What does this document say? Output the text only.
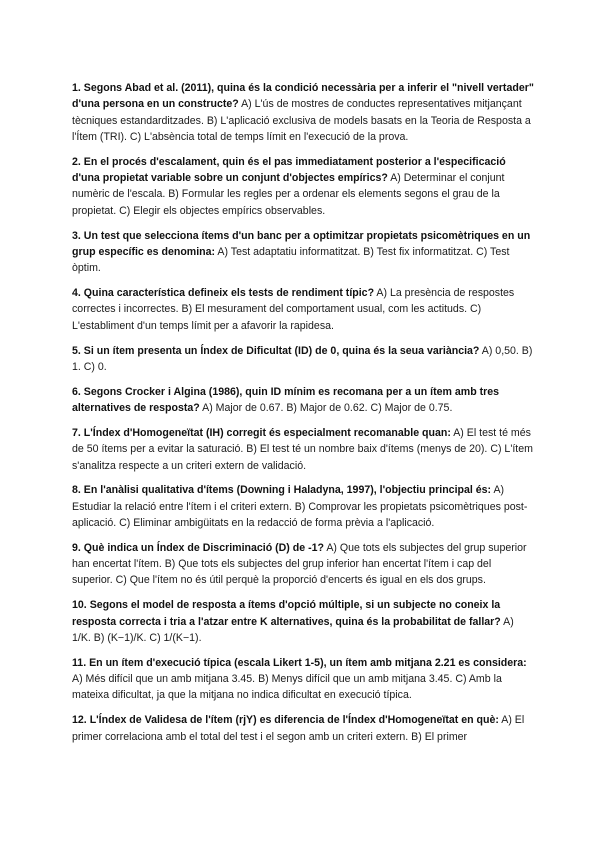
1. Segons Abad et al. (2011), quina és la condició necessària per a inferir el "nivell vertader" d'una persona en un constructe? A) L'ús de mostres de conductes representatives mitjançant tècniques estandarditzades. B) L'aplicació exclusiva de models basats en la Teoria de Resposta a l'Ítem (TRI). C) L'absència total de temps límit en l'execució de la prova.

2. En el procés d'escalament, quin és el pas immediatament posterior a l'especificació d'una propietat variable sobre un conjunt d'objectes empírics? A) Determinar el conjunt numèric de l'escala. B) Formular les regles per a ordenar els elements segons el grau de la propietat. C) Elegir els objectes empírics observables.

3. Un test que selecciona ítems d'un banc per a optimitzar propietats psicomètriques en un grup específic es denomina: A) Test adaptatiu informatitzat. B) Test fix informatitzat. C) Test òptim.

4. Quina característica defineix els tests de rendiment típic? A) La presència de respostes correctes i incorrectes. B) El mesurament del comportament usual, com les actituds. C) L'establiment d'un temps límit per a afavorir la rapidesa.

5. Si un ítem presenta un Índex de Dificultat (ID) de 0, quina és la seua variància? A) 0,50. B) 1. C) 0.

6. Segons Crocker i Algina (1986), quin ID mínim es recomana per a un ítem amb tres alternatives de resposta? A) Major de 0.67. B) Major de 0.62. C) Major de 0.75.

7. L'Índex d'Homogeneïtat (IH) corregit és especialment recomanable quan: A) El test té més de 50 ítems per a evitar la saturació. B) El test té un nombre baix d'ítems (menys de 20). C) L'ítem s'analitza respecte a un criteri extern de validació.

8. En l'anàlisi qualitativa d'ítems (Downing i Haladyna, 1997), l'objectiu principal és: A) Estudiar la relació entre l'ítem i el criteri extern. B) Comprovar les propietats psicomètriques post-aplicació. C) Eliminar ambigüitats en la redacció de forma prèvia a l'aplicació.

9. Què indica un Índex de Discriminació (D) de -1? A) Que tots els subjectes del grup superior han encertat l'ítem. B) Que tots els subjectes del grup inferior han encertat l'ítem i cap del superior. C) Que l'ítem no és útil perquè la proporció d'encerts és igual en els dos grups.

10. Segons el model de resposta a ítems d'opció múltiple, si un subjecte no coneix la resposta correcta i tria a l'atzar entre K alternatives, quina és la probabilitat de fallar? A) 1/K. B) (K−1)/K. C) 1/(K−1).

11. En un ítem d'execució típica (escala Likert 1-5), un ítem amb mitjana 2.21 es considera: A) Més difícil que un amb mitjana 3.45. B) Menys difícil que un amb mitjana 3.45. C) Amb la mateixa dificultat, ja que la mitjana no indica dificultat en execució típica.

12. L'Índex de Validesa de l'ítem (rjY) es diferencia de l'Índex d'Homogeneïtat en què: A) El primer correlaciona amb el total del test i el segon amb un criteri extern. B) El primer
